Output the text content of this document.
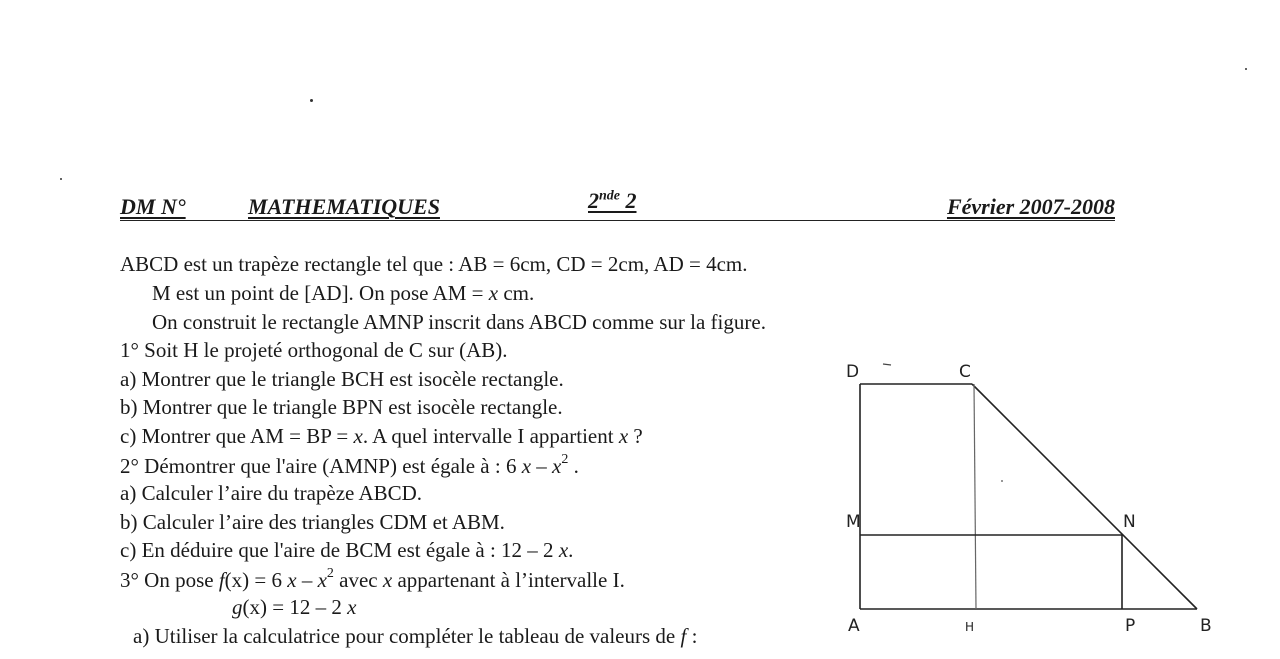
DM N°	MATHEMATIQUES	2nde 2	Février 2007-2008
ABCD est un trapèze rectangle tel que : AB = 6cm, CD = 2cm, AD = 4cm.
M est un point de [AD]. On pose AM = x cm.
On construit le rectangle AMNP inscrit dans ABCD comme sur la figure.
1° Soit H le projeté orthogonal de C sur (AB).
a) Montrer que le triangle BCH est isocèle rectangle.
b) Montrer que le triangle BPN est isocèle rectangle.
c) Montrer que AM = BP = x. A quel intervalle I appartient x ?
2° Démontrer que l'aire (AMNP) est égale à : 6 x – $x^2$ .
a) Calculer l’aire du trapèze ABCD.
b) Calculer l’aire des triangles CDM et ABM.
c) En déduire que l'aire de BCM est égale à : 12 – 2 x.
3° On pose f(x) = 6 x – $x^2$ avec x appartenant à l’intervalle I.
g(x) = 12 – 2 x
a) Utiliser la calculatrice pour compléter le tableau de valeurs de f :
D	C
M	N
A	H	P	B
